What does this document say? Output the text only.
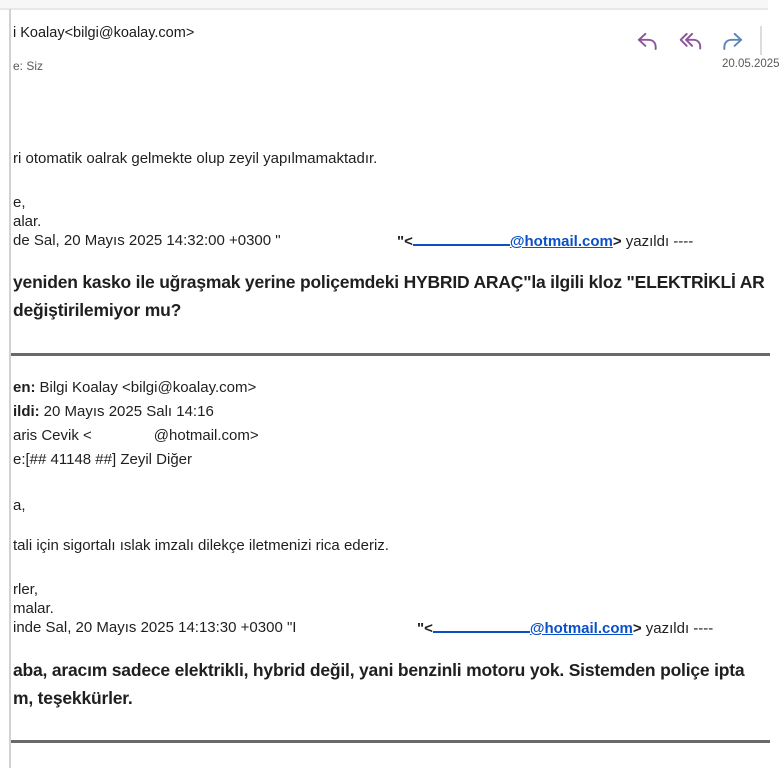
i Koalay<bilgi@koalay.com>
e: Siz	20.05.2025
ri otomatik oalrak gelmekte olup zeyil yapılmamaktadır.
e,
alar.
de Sal, 20 Mayıs 2025 14:32:00 +0300 "	"<	@hotmail.com> yazıldı ----
yeniden kasko ile uğraşmak yerine poliçemdeki HYBRID ARAÇ"la ilgili kloz "ELEKTRİKLİ AR
değiştirilemiyor mu?
en: Bilgi Koalay <bilgi@koalay.com>
ildi: 20 Mayıs 2025 Salı 14:16
aris Cevik <	@hotmail.com>
e:[## 41148 ##] Zeyil Diğer
a,
tali için sigortalı ıslak imzalı dilekçe iletmenizi rica ederiz.
rler,
malar.
inde Sal, 20 Mayıs 2025 14:13:30 +0300 "I	"<	@hotmail.com> yazıldı ----
aba, aracım sadece elektrikli, hybrid değil, yani benzinli motoru yok. Sistemden poliçe ipta
m, teşekkürler.
